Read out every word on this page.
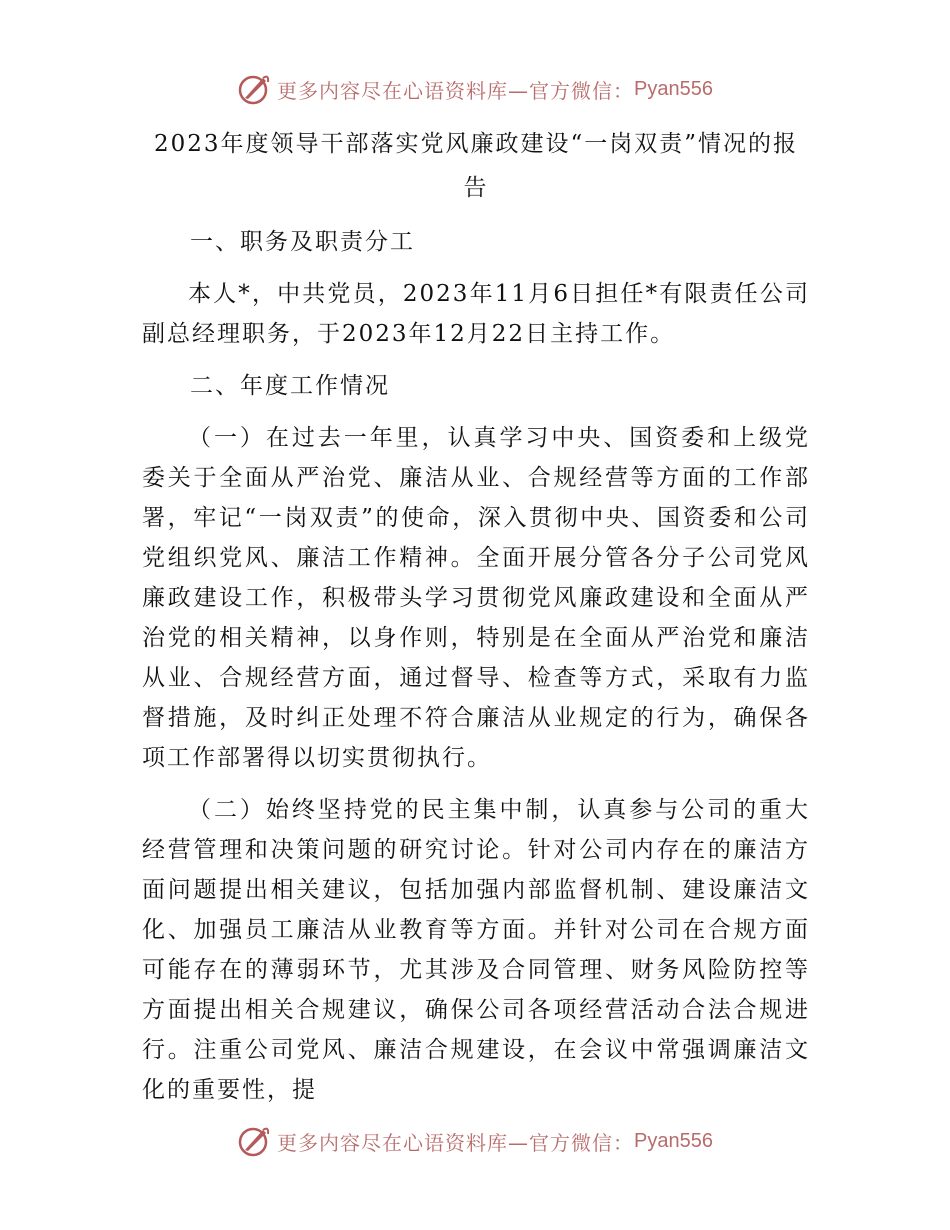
更多内容尽在心语资料库—官方微信： Pyan556
2023年度领导干部落实党风廉政建设“一岗双责”情况的报告
一、职务及职责分工
本人*，中共党员，2023年11月6日担任*有限责任公司副总经理职务，于2023年12月22日主持工作。
二、年度工作情况
（一）在过去一年里，认真学习中央、国资委和上级党委关于全面从严治党、廉洁从业、合规经营等方面的工作部署，牢记“一岗双责”的使命，深入贯彻中央、国资委和公司党组织党风、廉洁工作精神。全面开展分管各分子公司党风廉政建设工作，积极带头学习贯彻党风廉政建设和全面从严治党的相关精神，以身作则，特别是在全面从严治党和廉洁从业、合规经营方面，通过督导、检查等方式，采取有力监督措施，及时纠正处理不符合廉洁从业规定的行为，确保各项工作部署得以切实贯彻执行。
（二）始终坚持党的民主集中制，认真参与公司的重大经营管理和决策问题的研究讨论。针对公司内存在的廉洁方面问题提出相关建议，包括加强内部监督机制、建设廉洁文化、加强员工廉洁从业教育等方面。并针对公司在合规方面可能存在的薄弱环节，尤其涉及合同管理、财务风险防控等方面提出相关合规建议，确保公司各项经营活动合法合规进行。注重公司党风、廉洁合规建设，在会议中常强调廉洁文化的重要性，提
更多内容尽在心语资料库—官方微信： Pyan556
